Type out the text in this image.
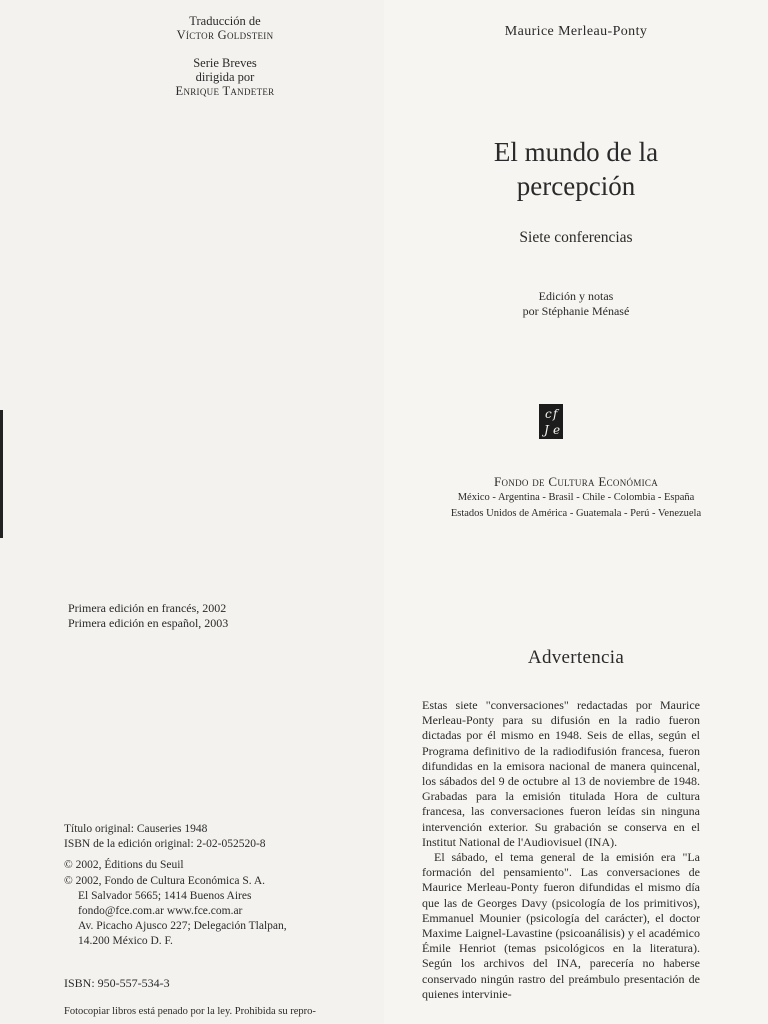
Traducción de
Víctor Goldstein
Serie Breves
dirigida por
Enrique Tandeter
Primera edición en francés, 2002
Primera edición en español, 2003
Título original: Causeries 1948
ISBN de la edición original: 2-02-052520-8
© 2002, Éditions du Seuil
© 2002, Fondo de Cultura Económica S. A.
El Salvador 5665; 1414 Buenos Aires
fondo@fce.com.ar www.fce.com.ar
Av. Picacho Ajusco 227; Delegación Tlalpan,
14.200 México D. F.
ISBN: 950-557-534-3
Fotocopiar libros está penado por la ley. Prohibida su repro-
Maurice Merleau-Ponty
El mundo de la
percepción
Siete conferencias
Edición y notas
por Stéphanie Ménasé
c f
J e
Fondo de Cultura Económica
México - Argentina - Brasil - Chile - Colombia - España
Estados Unidos de América - Guatemala - Perú - Venezuela
Advertencia

Estas siete "conversaciones" redactadas por Maurice Merleau-Ponty para su difusión en la radio fueron dictadas por él mismo en 1948. Seis de ellas, según el Programa definitivo de la radiodifusión francesa, fueron difundidas en la emisora nacional de manera quincenal, los sábados del 9 de octubre al 13 de noviembre de 1948. Grabadas para la emisión titulada Hora de cultura francesa, las conversaciones fueron leídas sin ninguna intervención exterior. Su grabación se conserva en el Institut National de l'Audiovisuel (INA).

El sábado, el tema general de la emisión era "La formación del pensamiento". Las conversaciones de Maurice Merleau-Ponty fueron difundidas el mismo día que las de Georges Davy (psicología de los primitivos), Emmanuel Mounier (psicología del carácter), el doctor Maxime Laignel-Lavastine (psicoanálisis) y el académico Émile Henriot (temas psicológicos en la literatura). Según los archivos del INA, parecería no haberse conservado ningún rastro del preámbulo presentación de quienes intervinie-
